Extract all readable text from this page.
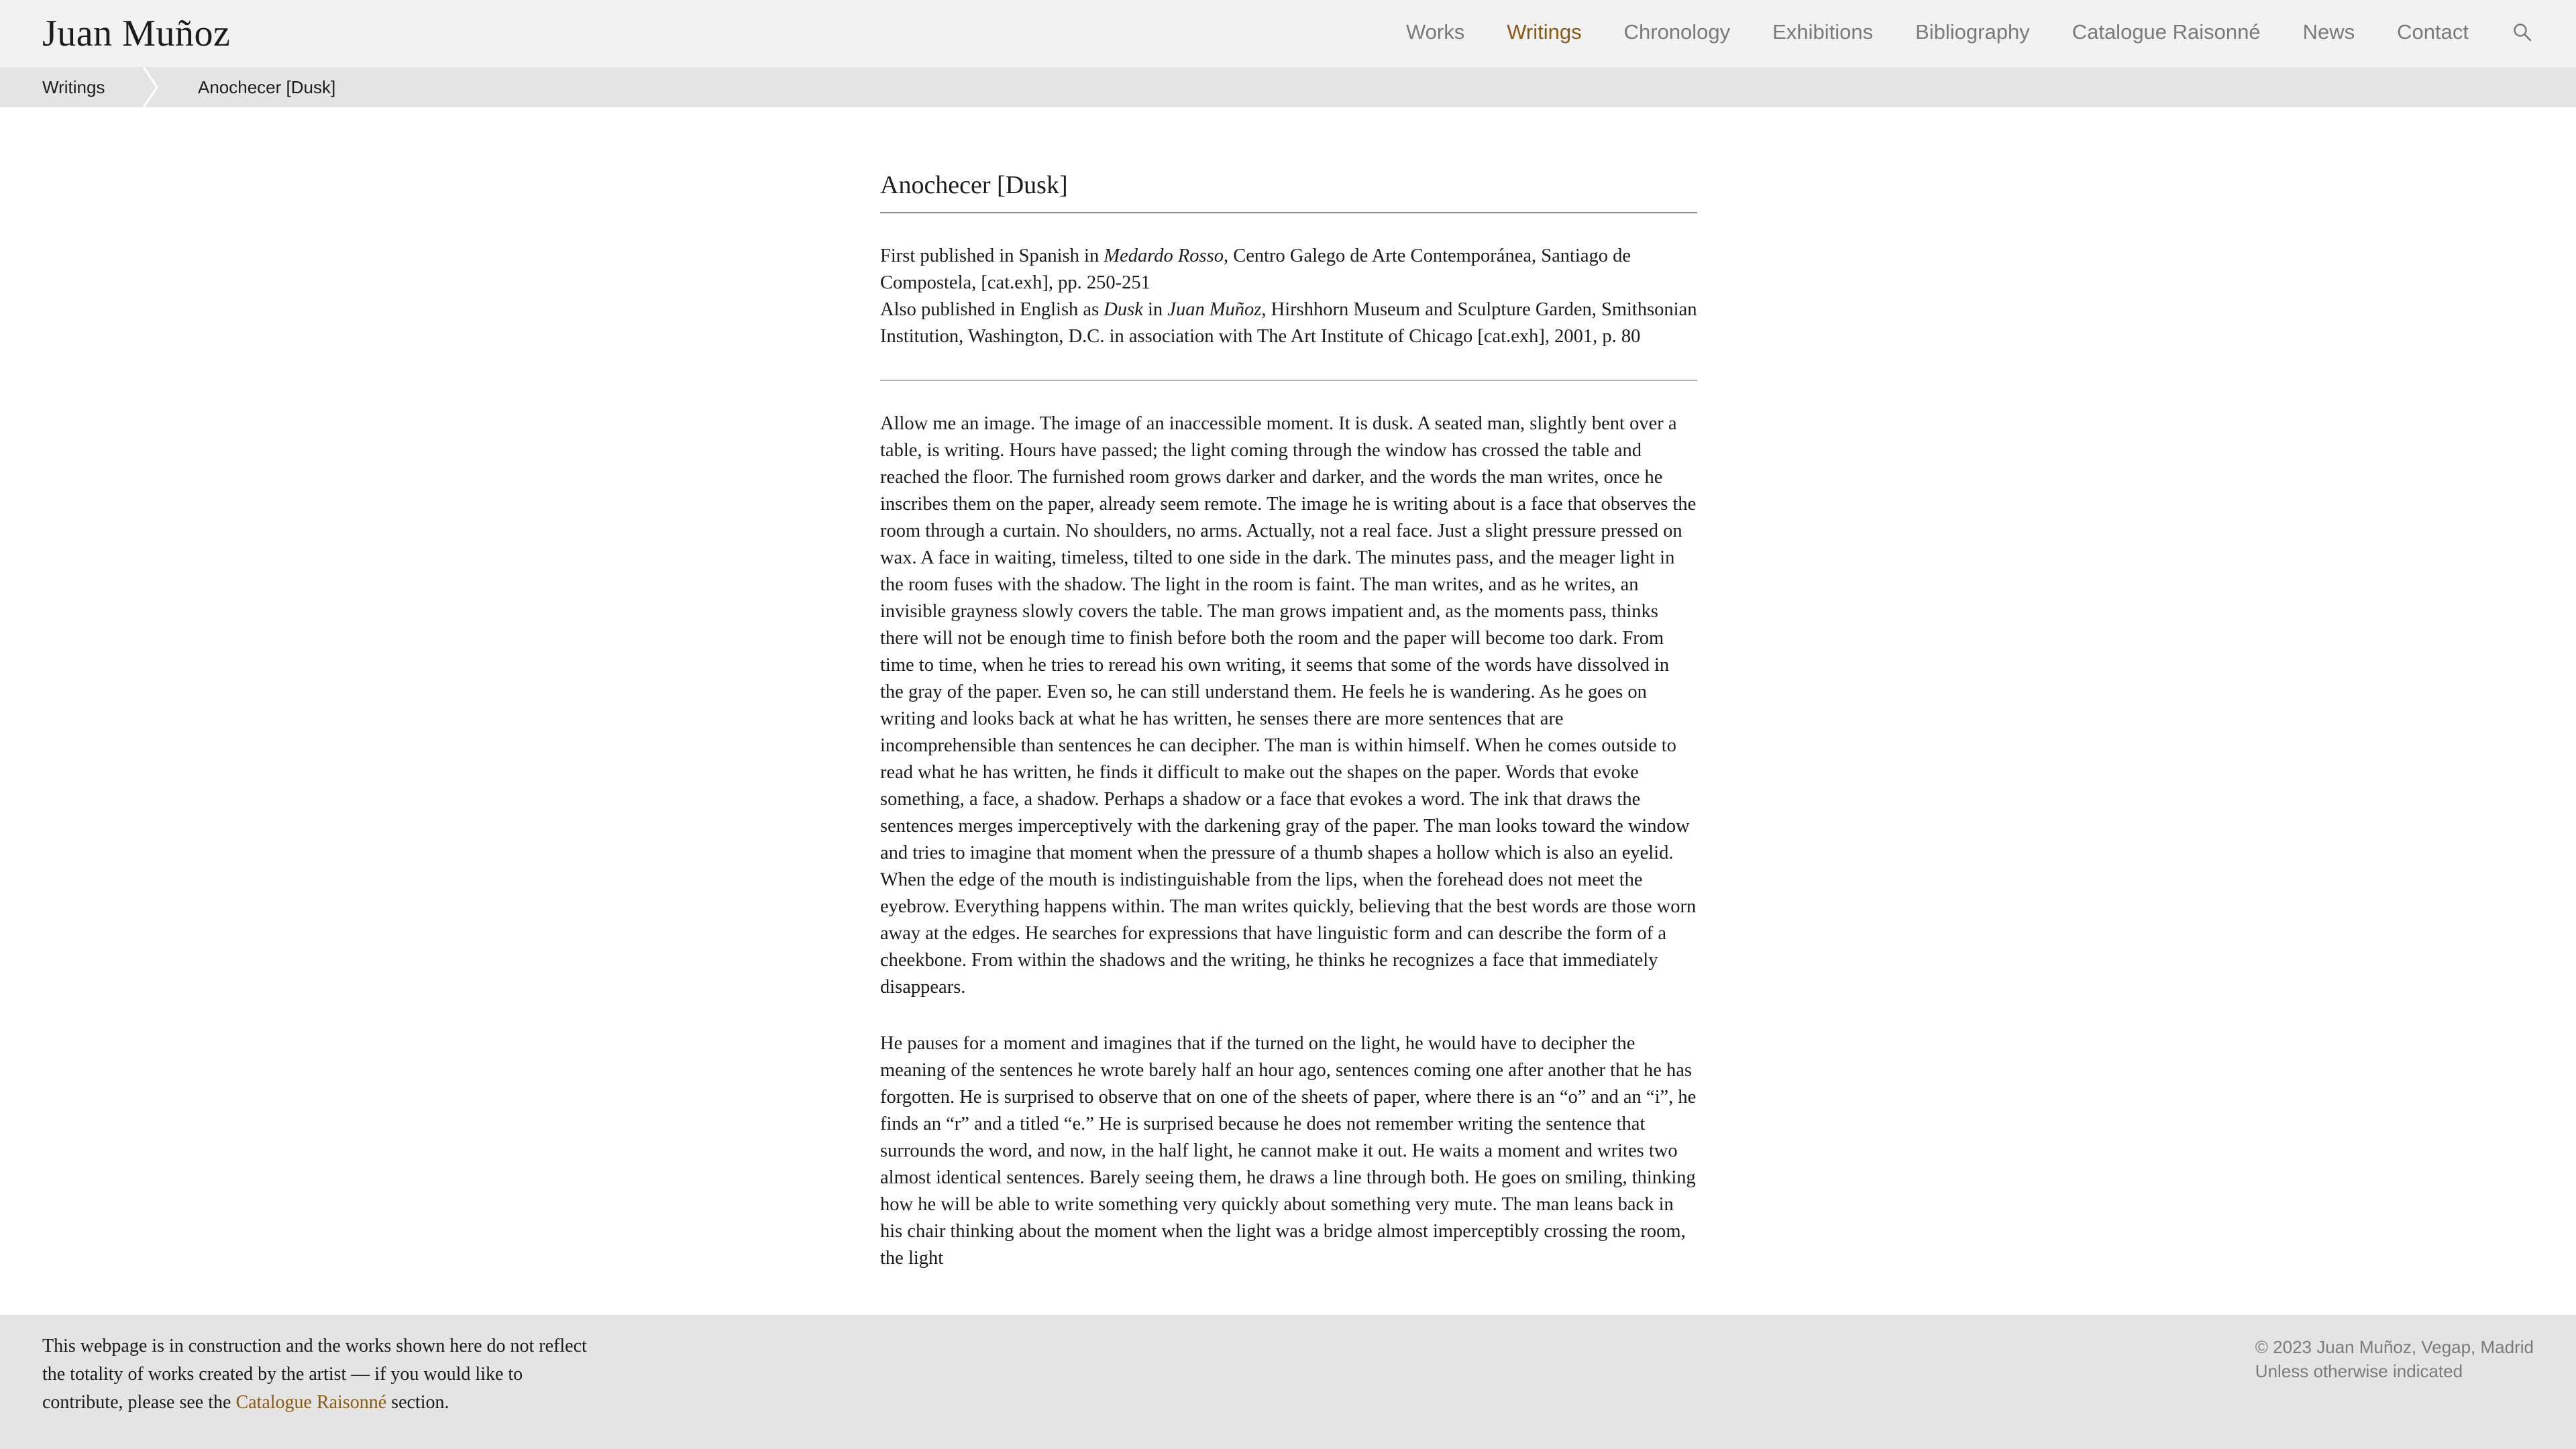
Juan Muñoz	Works Writings Chronology Exhibitions Bibliography Catalogue Raisonné News Contact
Writings	Anochecer [Dusk]
Anochecer [Dusk]
First published in Spanish in Medardo Rosso, Centro Galego de Arte Contemporánea, Santiago de Compostela, [cat.exh], pp. 250-251
Also published in English as Dusk in Juan Muñoz, Hirshhorn Museum and Sculpture Garden, Smithsonian Institution, Washington, D.C. in association with The Art Institute of Chicago [cat.exh], 2001, p. 80

Allow me an image. The image of an inaccessible moment. It is dusk. A seated man, slightly bent over a table, is writing. Hours have passed; the light coming through the window has crossed the table and reached the floor. The furnished room grows darker and darker, and the words the man writes, once he inscribes them on the paper, already seem remote. The image he is writing about is a face that observes the room through a curtain. No shoulders, no arms. Actually, not a real face. Just a slight pressure pressed on wax. A face in waiting, timeless, tilted to one side in the dark. The minutes pass, and the meager light in the room fuses with the shadow. The light in the room is faint. The man writes, and as he writes, an invisible grayness slowly covers the table. The man grows impatient and, as the moments pass, thinks there will not be enough time to finish before both the room and the paper will become too dark. From time to time, when he tries to reread his own writing, it seems that some of the words have dissolved in the gray of the paper. Even so, he can still understand them. He feels he is wandering. As he goes on writing and looks back at what he has written, he senses there are more sentences that are incomprehensible than sentences he can decipher. The man is within himself. When he comes outside to read what he has written, he finds it difficult to make out the shapes on the paper. Words that evoke something, a face, a shadow. Perhaps a shadow or a face that evokes a word. The ink that draws the sentences merges imperceptively with the darkening gray of the paper. The man looks toward the window and tries to imagine that moment when the pressure of a thumb shapes a hollow which is also an eyelid. When the edge of the mouth is indistinguishable from the lips, when the forehead does not meet the eyebrow. Everything happens within. The man writes quickly, believing that the best words are those worn away at the edges. He searches for expressions that have linguistic form and can describe the form of a cheekbone. From within the shadows and the writing, he thinks he recognizes a face that immediately disappears.

He pauses for a moment and imagines that if the turned on the light, he would have to decipher the meaning of the sentences he wrote barely half an hour ago, sentences coming one after another that he has forgotten. He is surprised to observe that on one of the sheets of paper, where there is an “o” and an “i”, he finds an “r” and a titled “e.” He is surprised because he does not remember writing the sentence that surrounds the word, and now, in the half light, he cannot make it out. He waits a moment and writes two almost identical sentences. Barely seeing them, he draws a line through both. He goes on smiling, thinking how he will be able to write something very quickly about something very mute. The man leans back in his chair thinking about the moment when the light was a bridge almost imperceptibly crossing the room, the light

This webpage is in construction and the works shown here do not reflect the totality of works created by the artist — if you would like to contribute, please see the Catalogue Raisonné section.
© 2023 Juan Muñoz, Vegap, Madrid
Unless otherwise indicated
